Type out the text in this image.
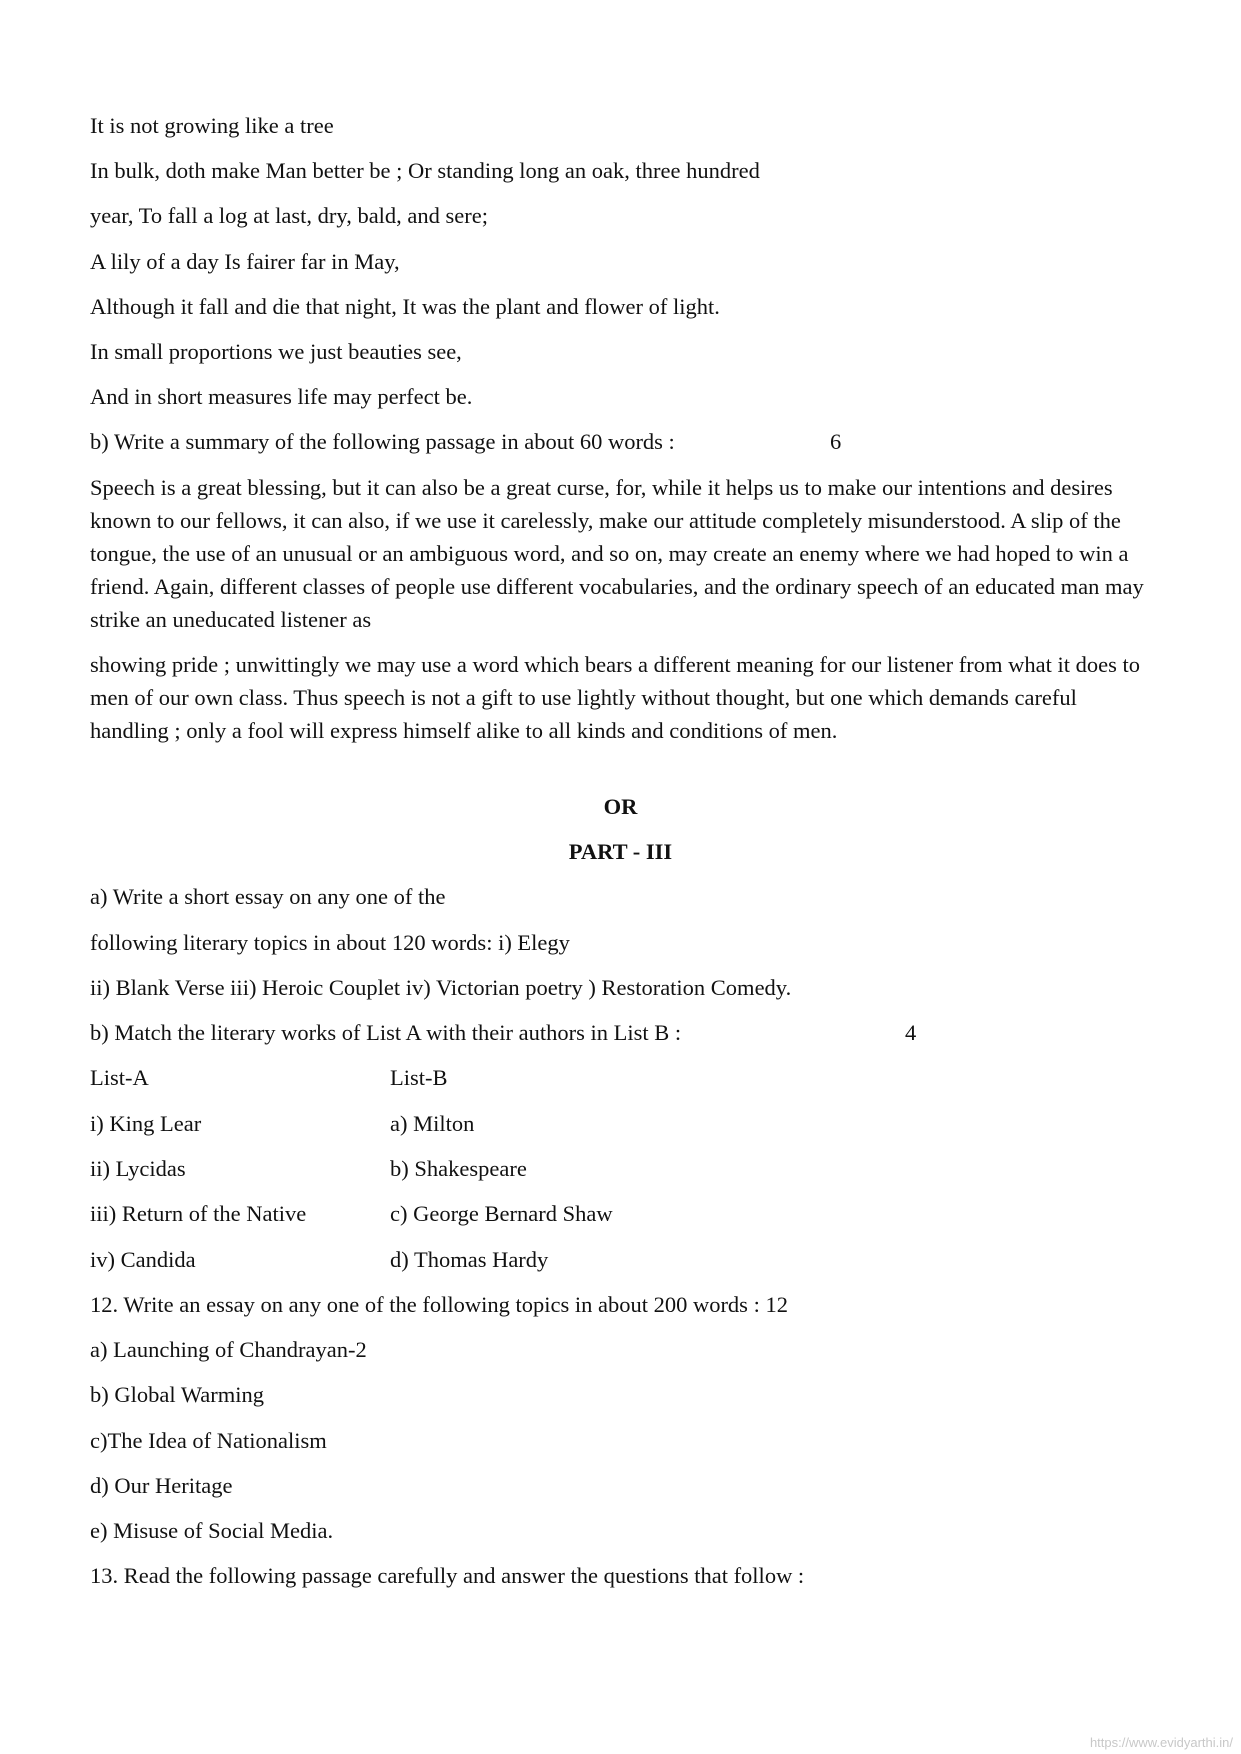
It is not growing like a tree
In bulk, doth make Man better be ; Or standing long an oak, three hundred
year, To fall a log at last, dry, bald, and sere;
A lily of a day Is fairer far in May,
Although it fall and die that night, It was the plant and flower of light.
In small proportions we just beauties see,
And in short measures life may perfect be.
b) Write a summary of the following passage in about 60 words :	6
Speech is a great blessing, but it can also be a great curse, for, while it helps us to make our intentions and desires known to our fellows, it can also, if we use it carelessly, make our attitude completely misunderstood. A slip of the tongue, the use of an unusual or an ambiguous word, and so on, may create an enemy where we had hoped to win a friend. Again, different classes of people use different vocabularies, and the ordinary speech of an educated man may strike an uneducated listener as
showing pride ; unwittingly we may use a word which bears a different meaning for our listener from what it does to men of our own class. Thus speech is not a gift to use lightly without thought, but one which demands careful handling ; only a fool will express himself alike to all kinds and conditions of men.
OR
PART - III
a) Write a short essay on any one of the
following literary topics in about 120 words: i) Elegy
ii) Blank Verse iii) Heroic Couplet iv) Victorian poetry ) Restoration Comedy.
b) Match the literary works of List A with their authors in List B :	4
List-A	List-B
i) King Lear	a) Milton
ii) Lycidas	b) Shakespeare
iii) Return of the Native	c) George Bernard Shaw
iv) Candida	d) Thomas Hardy
12. Write an essay on any one of the following topics in about 200 words : 12
a) Launching of Chandrayan-2
b) Global Warming
c)The Idea of Nationalism
d) Our Heritage
e) Misuse of Social Media.
13. Read the following passage carefully and answer the questions that follow :
https://www.evidyarthi.in/
